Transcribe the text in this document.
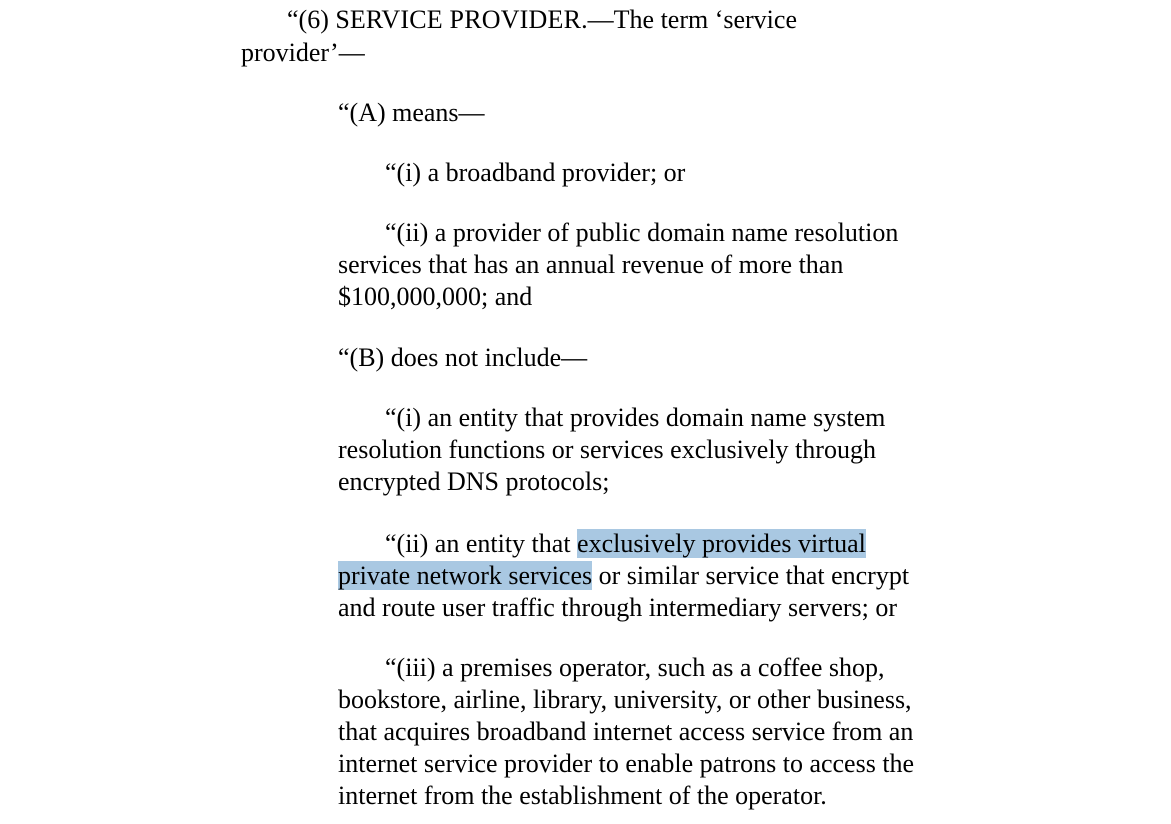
“(6) SERVICE PROVIDER.—The term ‘service
provider’—
“(A) means—
“(i) a broadband provider; or
“(ii) a provider of public domain name resolution
services that has an annual revenue of more than
$100,000,000; and
“(B) does not include—
“(i) an entity that provides domain name system
resolution functions or services exclusively through
encrypted DNS protocols;
“(ii) an entity that exclusively provides virtual
private network services or similar service that encrypt
and route user traffic through intermediary servers; or
“(iii) a premises operator, such as a coffee shop,
bookstore, airline, library, university, or other business,
that acquires broadband internet access service from an
internet service provider to enable patrons to access the
internet from the establishment of the operator.
